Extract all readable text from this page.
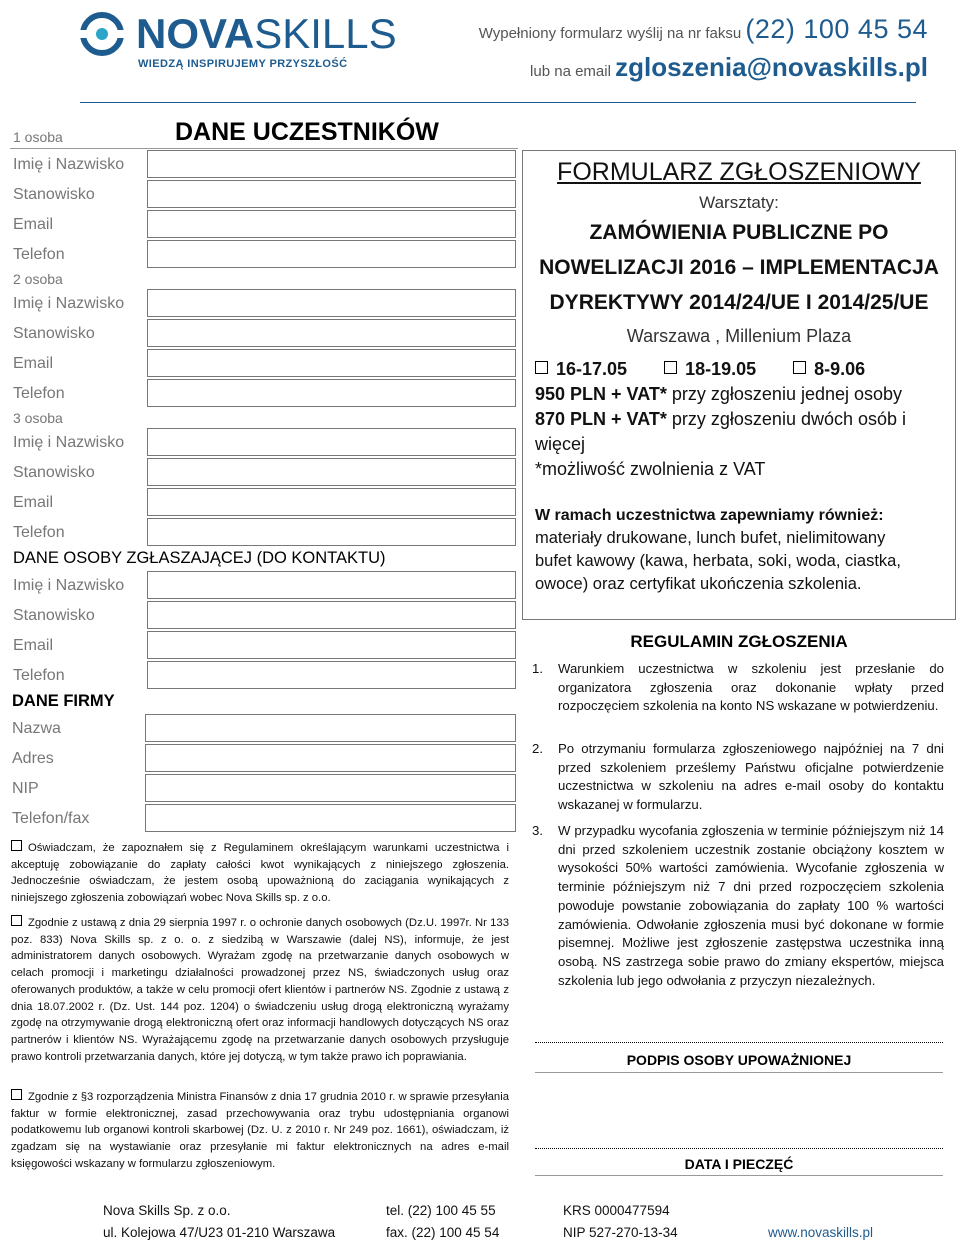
NOVASKILLS
WIEDZĄ INSPIRUJEMY PRZYSZŁOŚĆ
Wypełniony formularz wyślij na nr faksu (22) 100 45 54
lub na email zgloszenia@novaskills.pl
DANE UCZESTNIKÓW
1 osoba
Imię i Nazwisko
Stanowisko
Email
Telefon
2 osoba
Imię i Nazwisko
Stanowisko
Email
Telefon
3 osoba
Imię i Nazwisko
Stanowisko
Email
Telefon
DANE OSOBY ZGŁASZAJĄCEJ (DO KONTAKTU)
Imię i Nazwisko
Stanowisko
Email
Telefon
DANE FIRMY
Nazwa
Adres
NIP
Telefon/fax
Oświadczam, że zapoznałem się z Regulaminem określającym warunkami uczestnictwa i akceptuję zobowiązanie do zapłaty całości kwot wynikających z niniejszego zgłoszenia. Jednocześnie oświadczam, że jestem osobą upoważnioną do zaciągania wynikających z niniejszego zgłoszenia zobowiązań wobec Nova Skills sp. z o.o.
Zgodnie z ustawą z dnia 29 sierpnia 1997 r. o ochronie danych osobowych (Dz.U. 1997r. Nr 133 poz. 833) Nova Skills sp. z o. o. z siedzibą w Warszawie (dalej NS), informuje, że jest administratorem danych osobowych. Wyrażam zgodę na przetwarzanie danych osobowych w celach promocji i marketingu działalności prowadzonej przez NS, świadczonych usług oraz oferowanych produktów, a także w celu promocji ofert klientów i partnerów NS. Zgodnie z ustawą z dnia 18.07.2002 r. (Dz. Ust. 144 poz. 1204) o świadczeniu usług drogą elektroniczną wyrażamy zgodę na otrzymywanie drogą elektroniczną ofert oraz informacji handlowych dotyczących NS oraz partnerów i klientów NS. Wyrażającemu zgodę na przetwarzanie danych osobowych przysługuje prawo kontroli przetwarzania danych, które jej dotyczą, w tym także prawo ich poprawiania.
Zgodnie z §3 rozporządzenia Ministra Finansów z dnia 17 grudnia 2010 r. w sprawie przesyłania faktur w formie elektronicznej, zasad przechowywania oraz trybu udostępniania organowi podatkowemu lub organowi kontroli skarbowej (Dz. U. z 2010 r. Nr 249 poz. 1661), oświadczam, iż zgadzam się na wystawianie oraz przesyłanie mi faktur elektronicznych na adres e-mail księgowości wskazany w formularzu zgłoszeniowym.
FORMULARZ ZGŁOSZENIOWY
Warsztaty:
ZAMÓWIENIA PUBLICZNE PO
NOWELIZACJI 2016 – IMPLEMENTACJA
DYREKTYWY 2014/24/UE I 2014/25/UE
Warszawa , Millenium Plaza
16-17.05	18-19.05	8-9.06
950 PLN + VAT* przy zgłoszeniu jednej osoby
870 PLN + VAT* przy zgłoszeniu dwóch osób i
więcej
*możliwość zwolnienia z VAT
W ramach uczestnictwa zapewniamy również:
materiały drukowane, lunch bufet, nielimitowany
bufet kawowy (kawa, herbata, soki, woda, ciastka,
owoce) oraz certyfikat ukończenia szkolenia.
REGULAMIN ZGŁOSZENIA
1. Warunkiem uczestnictwa w szkoleniu jest przesłanie do organizatora zgłoszenia oraz dokonanie wpłaty przed rozpoczęciem szkolenia na konto NS wskazane w potwierdzeniu.
2. Po otrzymaniu formularza zgłoszeniowego najpóźniej na 7 dni przed szkoleniem prześlemy Państwu oficjalne potwierdzenie uczestnictwa w szkoleniu na adres e-mail osoby do kontaktu wskazanej w formularzu.
3. W przypadku wycofania zgłoszenia w terminie późniejszym niż 14 dni przed szkoleniem uczestnik zostanie obciążony kosztem w wysokości 50% wartości zamówienia. Wycofanie zgłoszenia w terminie późniejszym niż 7 dni przed rozpoczęciem szkolenia powoduje powstanie zobowiązania do zapłaty 100 % wartości zamówienia. Odwołanie zgłoszenia musi być dokonane w formie pisemnej. Możliwe jest zgłoszenie zastępstwa uczestnika inną osobą. NS zastrzega sobie prawo do zmiany ekspertów, miejsca szkolenia lub jego odwołania z przyczyn niezależnych.
PODPIS OSOBY UPOWAŻNIONEJ
DATA I PIECZĘĆ
Nova Skills Sp. z o.o.
ul. Kolejowa 47/U23 01-210 Warszawa
tel. (22) 100 45 55
fax. (22) 100 45 54
KRS 0000477594
NIP 527-270-13-34	www.novaskills.pl
